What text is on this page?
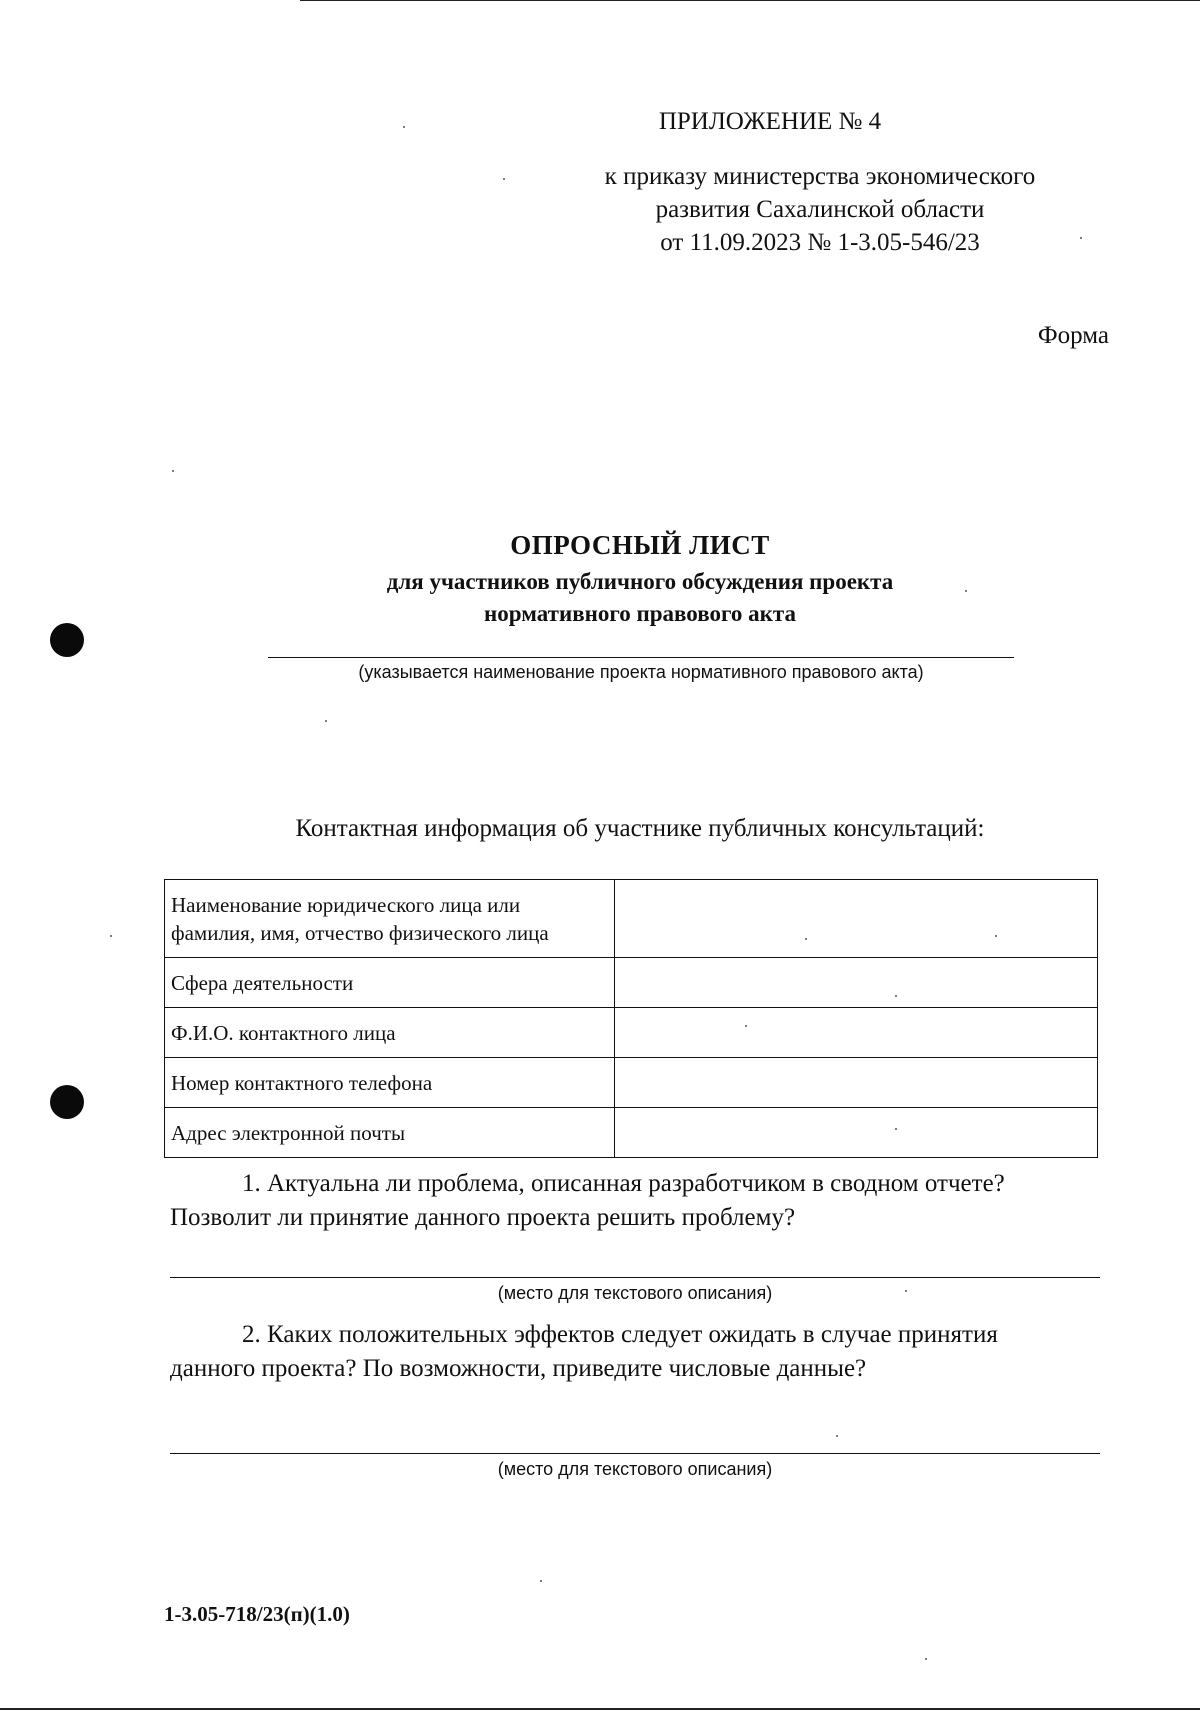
ПРИЛОЖЕНИЕ № 4
к приказу министерства экономического
развития Сахалинской области
от 11.09.2023 № 1-3.05-546/23
Форма
ОПРОСНЫЙ ЛИСТ
для участников публичного обсуждения проекта
нормативного правового акта
(указывается наименование проекта нормативного правового акта)
Контактная информация об участнике публичных консультаций:
Наименование юридического лица или
фамилия, имя, отчество физического лица	

Сфера деятельности	
Ф.И.О. контактного лица	
Номер контактного телефона	
Адрес электронной почты	
1. Актуальна ли проблема, описанная разработчиком в сводном отчете?
Позволит ли принятие данного проекта решить проблему?
(место для текстового описания)
2. Каких положительных эффектов следует ожидать в случае принятия
данного проекта? По возможности, приведите числовые данные?
(место для текстового описания)
1-3.05-718/23(п)(1.0)
